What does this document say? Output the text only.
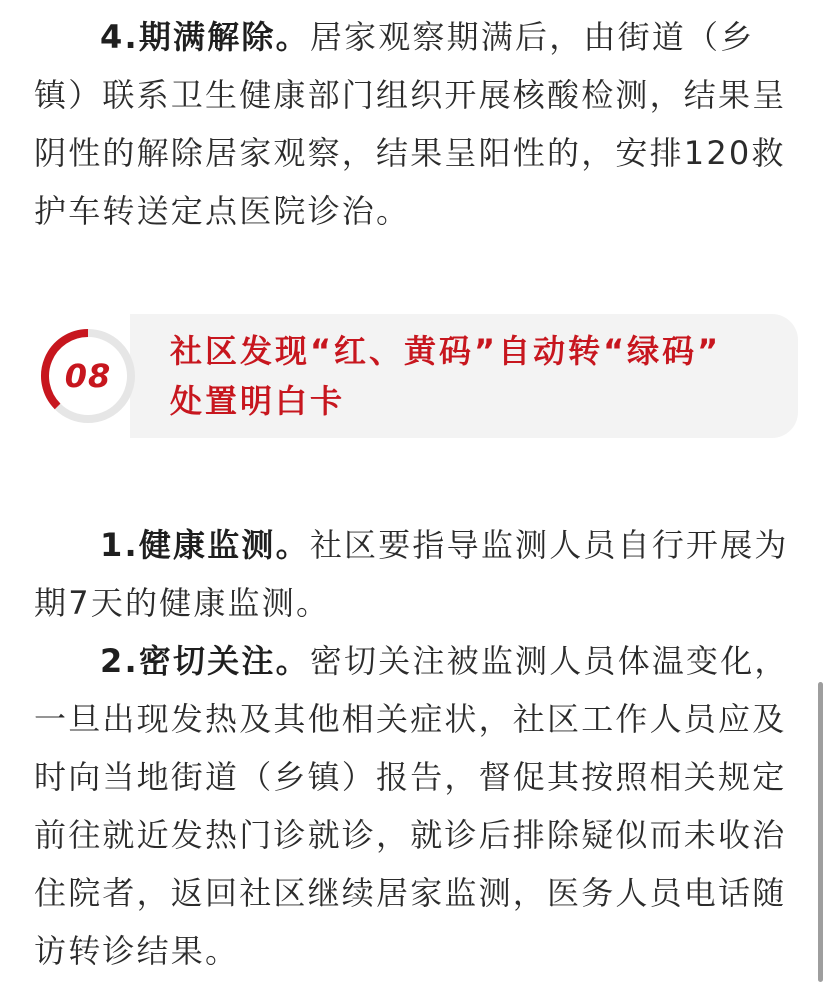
4.期满解除。居家观察期满后，由街道（乡镇）联系卫生健康部门组织开展核酸检测，结果呈阴性的解除居家观察，结果呈阳性的，安排120救护车转送定点医院诊治。

08
社区发现“红、黄码”自动转“绿码”
处置明白卡

1.健康监测。社区要指导监测人员自行开展为期7天的健康监测。

2.密切关注。密切关注被监测人员体温变化，一旦出现发热及其他相关症状，社区工作人员应及时向当地街道（乡镇）报告，督促其按照相关规定前往就近发热门诊就诊，就诊后排除疑似而未收治住院者，返回社区继续居家监测，医务人员电话随访转诊结果。
